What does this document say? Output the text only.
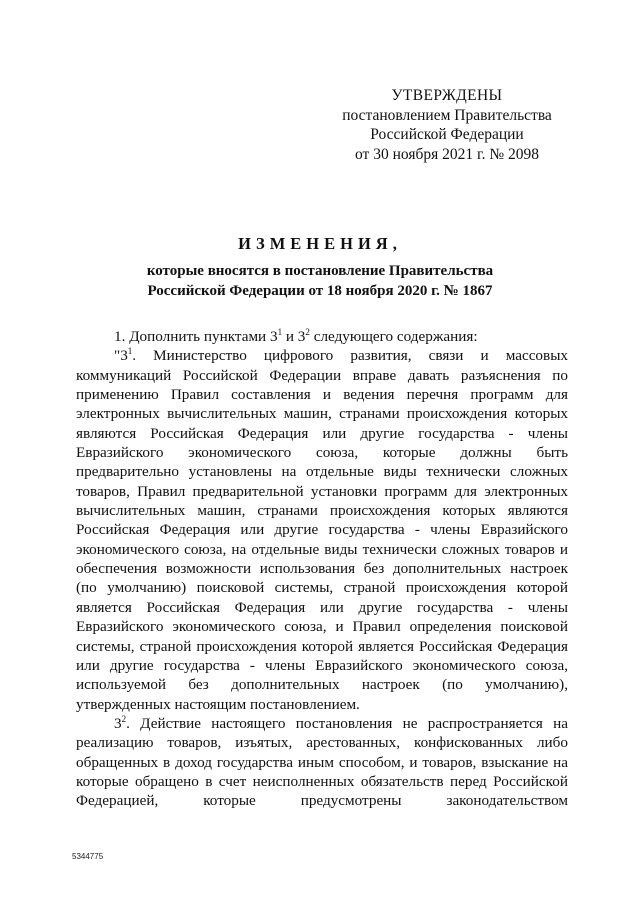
УТВЕРЖДЕНЫ
постановлением Правительства
Российской Федерации
от 30 ноября 2021 г. № 2098
ИЗМЕНЕНИЯ,
которые вносятся в постановление Правительства
Российской Федерации от 18 ноября 2020 г. № 1867

1. Дополнить пунктами $3^1$ и $3^2$ следующего содержания:

"$3^1$. Министерство цифрового развития, связи и массовых коммуникаций Российской Федерации вправе давать разъяснения по применению Правил составления и ведения перечня программ для электронных вычислительных машин, странами происхождения которых являются Российская Федерация или другие государства - члены Евразийского экономического союза, которые должны быть предварительно установлены на отдельные виды технически сложных товаров, Правил предварительной установки программ для электронных вычислительных машин, странами происхождения которых являются Российская Федерация или другие государства - члены Евразийского экономического союза, на отдельные виды технически сложных товаров и обеспечения возможности использования без дополнительных настроек (по умолчанию) поисковой системы, страной происхождения которой является Российская Федерация или другие государства - члены Евразийского экономического союза, и Правил определения поисковой системы, страной происхождения которой является Российская Федерация или другие государства - члены Евразийского экономического союза, используемой без дополнительных настроек (по умолчанию), утвержденных настоящим постановлением.

$3^2$. Действие настоящего постановления не распространяется на реализацию товаров, изъятых, арестованных, конфискованных либо обращенных в доход государства иным способом, и товаров, взыскание на которые обращено в счет неисполненных обязательств перед Российской Федерацией, которые предусмотрены законодательством

5344775
